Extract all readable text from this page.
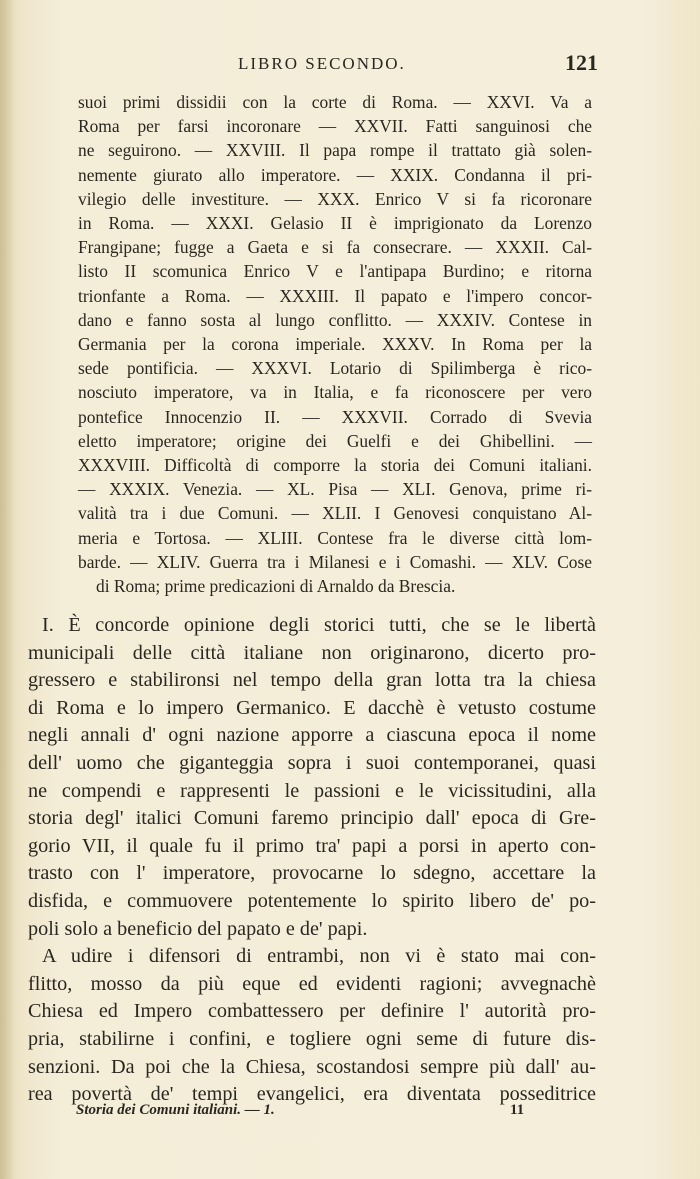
LIBRO SECONDO.	121
suoi primi dissidii con la corte di Roma. — XXVI. Va a
Roma per farsi incoronare — XXVII. Fatti sanguinosi che
ne seguirono. — XXVIII. Il papa rompe il trattato già solen-
nemente giurato allo imperatore. — XXIX. Condanna il pri-
vilegio delle investiture. — XXX. Enrico V si fa ricoronare
in Roma. — XXXI. Gelasio II è imprigionato da Lorenzo
Frangipane; fugge a Gaeta e si fa consecrare. — XXXII. Cal-
listo II scomunica Enrico V e l'antipapa Burdino; e ritorna
trionfante a Roma. — XXXIII. Il papato e l'impero concor-
dano e fanno sosta al lungo conflitto. — XXXIV. Contese in
Germania per la corona imperiale. XXXV. In Roma per la
sede pontificia. — XXXVI. Lotario di Spilimberga è rico-
nosciuto imperatore, va in Italia, e fa riconoscere per vero
pontefice Innocenzio II. — XXXVII. Corrado di Svevia
eletto imperatore; origine dei Guelfi e dei Ghibellini. —
XXXVIII. Difficoltà di comporre la storia dei Comuni italiani.
— XXXIX. Venezia. — XL. Pisa — XLI. Genova, prime ri-
valità tra i due Comuni. — XLII. I Genovesi conquistano Al-
meria e Tortosa. — XLIII. Contese fra le diverse città lom-
barde. — XLIV. Guerra tra i Milanesi e i Comashi. — XLV. Cose
di Roma; prime predicazioni di Arnaldo da Brescia.
I. È concorde opinione degli storici tutti, che se le libertà
municipali delle città italiane non originarono, dicerto pro-
gressero e stabilironsi nel tempo della gran lotta tra la chiesa
di Roma e lo impero Germanico. E dacchè è vetusto costume
negli annali d' ogni nazione apporre a ciascuna epoca il nome
dell' uomo che giganteggia sopra i suoi contemporanei, quasi
ne compendi e rappresenti le passioni e le vicissitudini, alla
storia degl' italici Comuni faremo principio dall' epoca di Gre-
gorio VII, il quale fu il primo tra' papi a porsi in aperto con-
trasto con l' imperatore, provocarne lo sdegno, accettare la
disfida, e commuovere potentemente lo spirito libero de' po-
poli solo a beneficio del papato e de' papi.
A udire i difensori di entrambi, non vi è stato mai con-
flitto, mosso da più eque ed evidenti ragioni; avvegnachè
Chiesa ed Impero combattessero per definire l' autorità pro-
pria, stabilirne i confini, e togliere ogni seme di future dis-
senzioni. Da poi che la Chiesa, scostandosi sempre più dall' au-
rea povertà de' tempi evangelici, era diventata posseditrice
Storia dei Comuni italiani. — 1.	11
